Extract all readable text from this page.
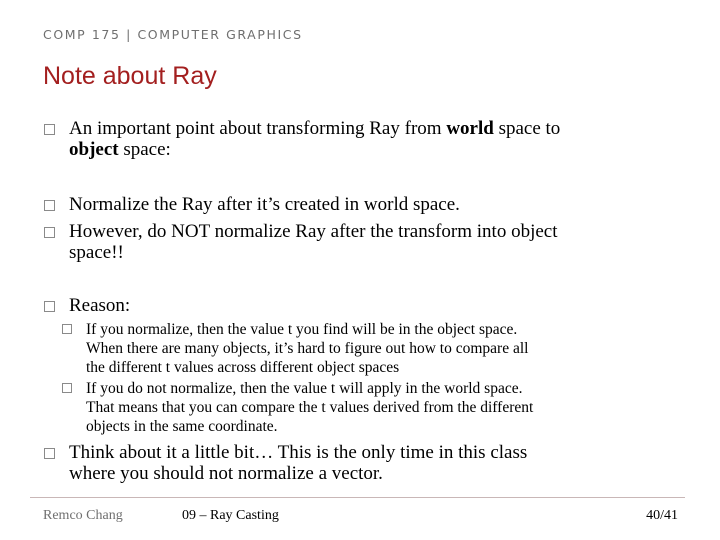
COMP 175 | COMPUTER GRAPHICS
Note about Ray
An important point about transforming Ray from world space to
object space:
Normalize the Ray after it’s created in world space.
However, do NOT normalize Ray after the transform into object
space!!
Reason:
If you normalize, then the value t you find will be in the object space.
When there are many objects, it’s hard to figure out how to compare all
the different t values across different object spaces
If you do not normalize, then the value t will apply in the world space.
That means that you can compare the t values derived from the different
objects in the same coordinate.
Think about it a little bit… This is the only time in this class
where you should not normalize a vector.
Remco Chang	09 – Ray Casting	40/41
